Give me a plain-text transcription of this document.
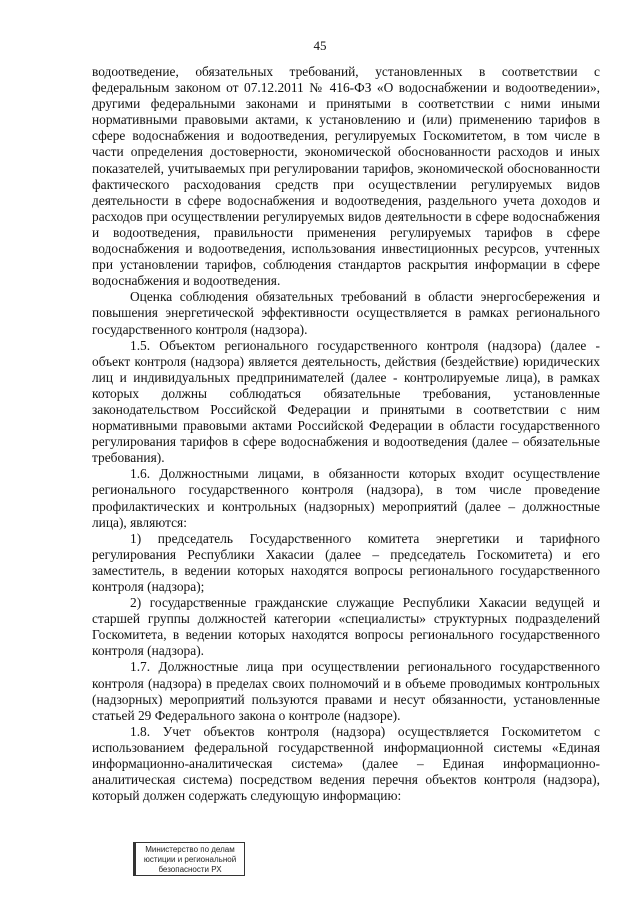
45

водоотведение, обязательных требований, установленных в соответствии с федеральным законом от 07.12.2011 № 416-ФЗ «О водоснабжении и водоотведении», другими федеральными законами и принятыми в соответствии с ними иными нормативными правовыми актами, к установлению и (или) применению тарифов в сфере водоснабжения и водоотведения, регулируемых Госкомитетом, в том числе в части определения достоверности, экономической обоснованности расходов и иных показателей, учитываемых при регулировании тарифов, экономической обоснованности фактического расходования средств при осуществлении регулируемых видов деятельности в сфере водоснабжения и водоотведения, раздельного учета доходов и расходов при осуществлении регулируемых видов деятельности в сфере водоснабжения и водоотведения, правильности применения регулируемых тарифов в сфере водоснабжения и водоотведения, использования инвестиционных ресурсов, учтенных при установлении тарифов, соблюдения стандартов раскрытия информации в сфере водоснабжения и водоотведения.

Оценка соблюдения обязательных требований в области энергосбережения и повышения энергетической эффективности осуществляется в рамках регионального государственного контроля (надзора).

1.5. Объектом регионального государственного контроля (надзора) (далее - объект контроля (надзора) является деятельность, действия (бездействие) юридических лиц и индивидуальных предпринимателей (далее - контролируемые лица), в рамках которых должны соблюдаться обязательные требования, установленные законодательством Российской Федерации и принятыми в соответствии с ним нормативными правовыми актами Российской Федерации в области государственного регулирования тарифов в сфере водоснабжения и водоотведения (далее – обязательные требования).

1.6. Должностными лицами, в обязанности которых входит осуществление регионального государственного контроля (надзора), в том числе проведение профилактических и контрольных (надзорных) мероприятий (далее – должностные лица), являются:

1) председатель Государственного комитета энергетики и тарифного регулирования Республики Хакасии (далее – председатель Госкомитета) и его заместитель, в ведении которых находятся вопросы регионального государственного контроля (надзора);

2) государственные гражданские служащие Республики Хакасии ведущей и старшей группы должностей категории «специалисты» структурных подразделений Госкомитета, в ведении которых находятся вопросы регионального государственного контроля (надзора).

1.7. Должностные лица при осуществлении регионального государственного контроля (надзора) в пределах своих полномочий и в объеме проводимых контрольных (надзорных) мероприятий пользуются правами и несут обязанности, установленные статьей 29 Федерального закона о контроле (надзоре).

1.8. Учет объектов контроля (надзора) осуществляется Госкомитетом с использованием федеральной государственной информационной системы «Единая информационно-аналитическая система» (далее – Единая информационно-аналитическая система) посредством ведения перечня объектов контроля (надзора), который должен содержать следующую информацию:

Министерство по делам
юстиции и региональной
безопасности РХ
